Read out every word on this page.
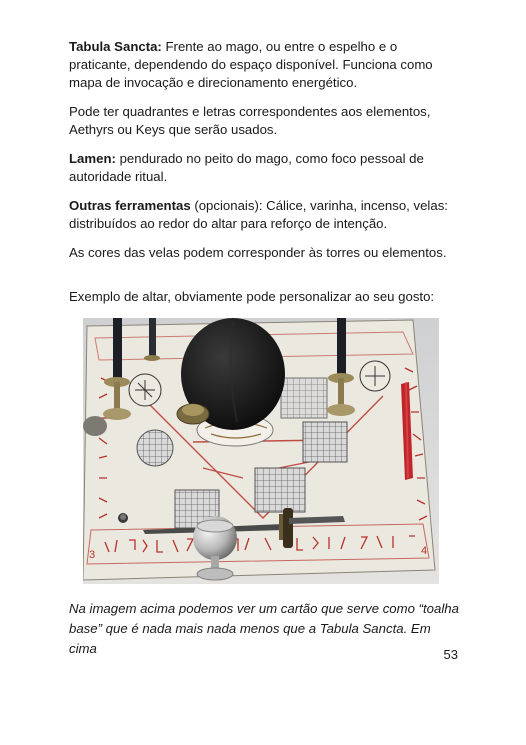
Tabula Sancta: Frente ao mago, ou entre o espelho e o praticante, dependendo do espaço disponível. Funciona como mapa de invocação e direcionamento energético.

Pode ter quadrantes e letras correspondentes aos elementos, Aethyrs ou Keys que serão usados.

Lamen: pendurado no peito do mago, como foco pessoal de autoridade ritual.

Outras ferramentas (opcionais): Cálice, varinha, incenso, velas: distribuídos ao redor do altar para reforço de intenção.

As cores das velas podem corresponder às torres ou elementos.

Exemplo de altar, obviamente pode personalizar ao seu gosto:

3	4

Na imagem acima podemos ver um cartão que serve como “toalha base” que é nada mais nada menos que a Tabula Sancta. Em cima	53
